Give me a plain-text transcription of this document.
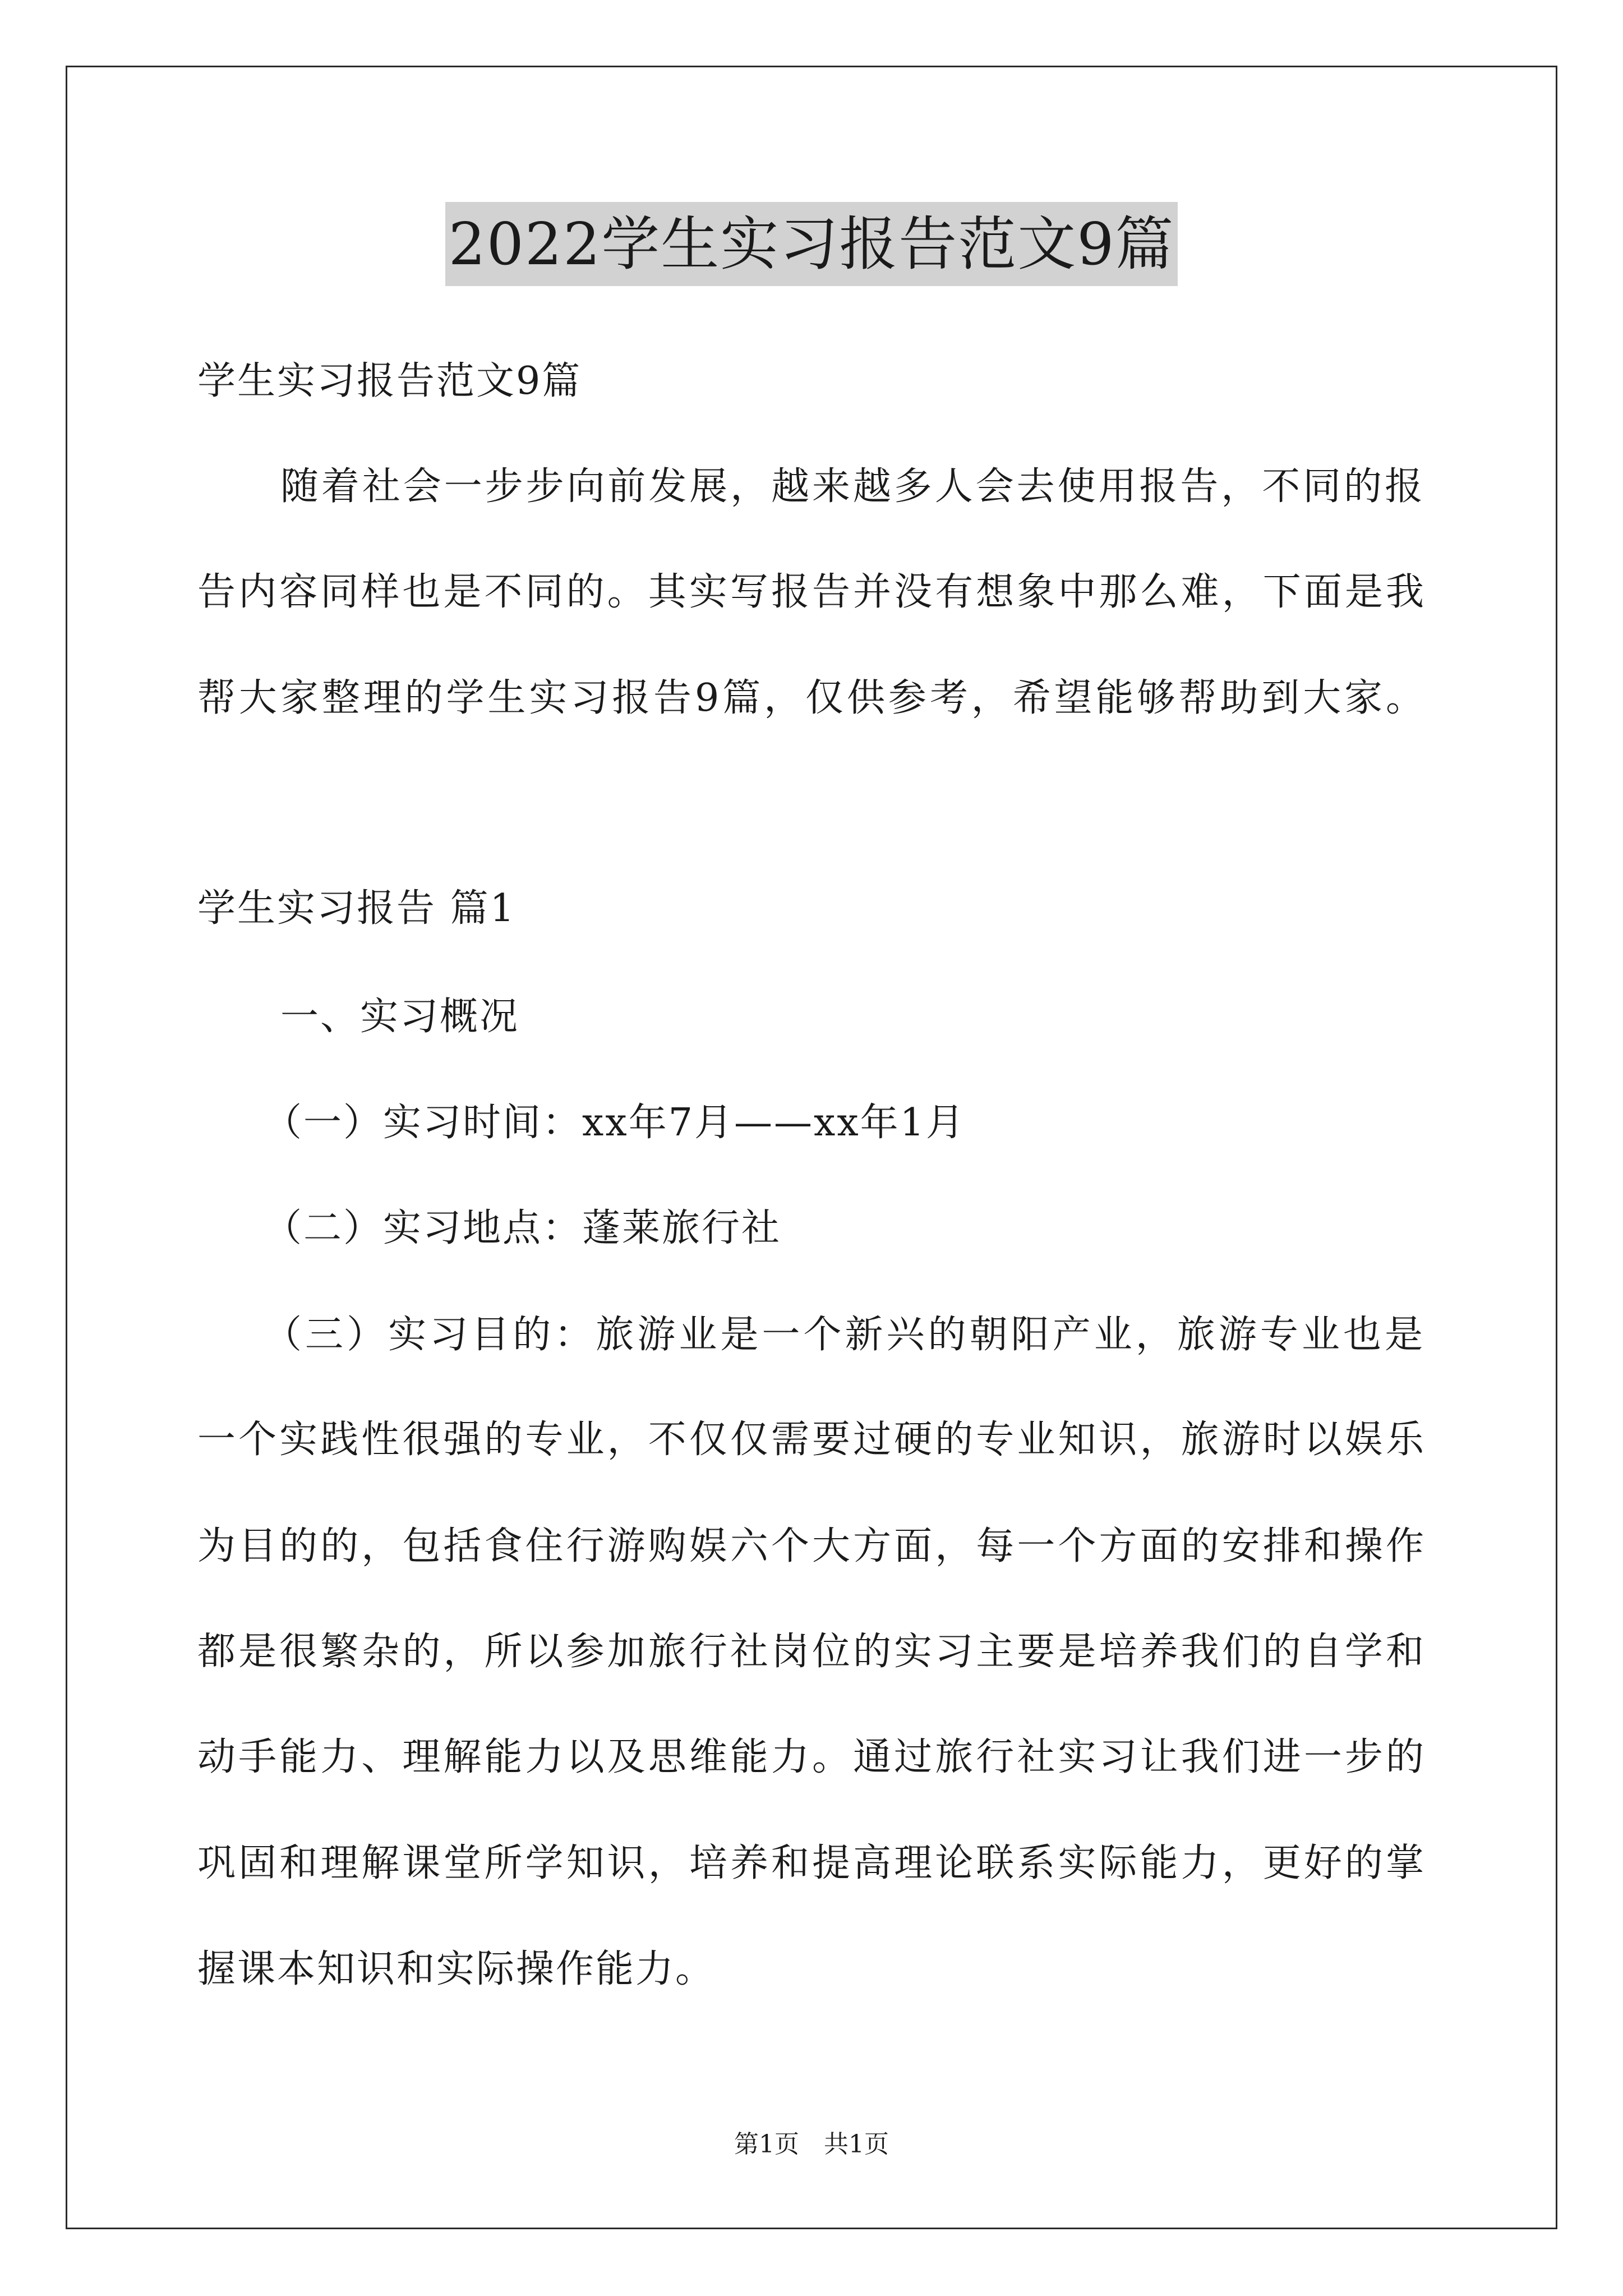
2022学生实习报告范文9篇
学生实习报告范文9篇
随着社会一步步向前发展，越来越多人会去使用报告，不同的报
告内容同样也是不同的。其实写报告并没有想象中那么难，下面是我
帮大家整理的学生实习报告9篇，仅供参考，希望能够帮助到大家。
学生实习报告 篇1
一、实习概况
（一）实习时间：xx年7月——xx年1月
（二）实习地点：蓬莱旅行社
（三）实习目的：旅游业是一个新兴的朝阳产业，旅游专业也是
一个实践性很强的专业，不仅仅需要过硬的专业知识，旅游时以娱乐
为目的的，包括食住行游购娱六个大方面，每一个方面的安排和操作
都是很繁杂的，所以参加旅行社岗位的实习主要是培养我们的自学和
动手能力、理解能力以及思维能力。通过旅行社实习让我们进一步的
巩固和理解课堂所学知识，培养和提高理论联系实际能力，更好的掌
握课本知识和实际操作能力。
第1页　共1页
